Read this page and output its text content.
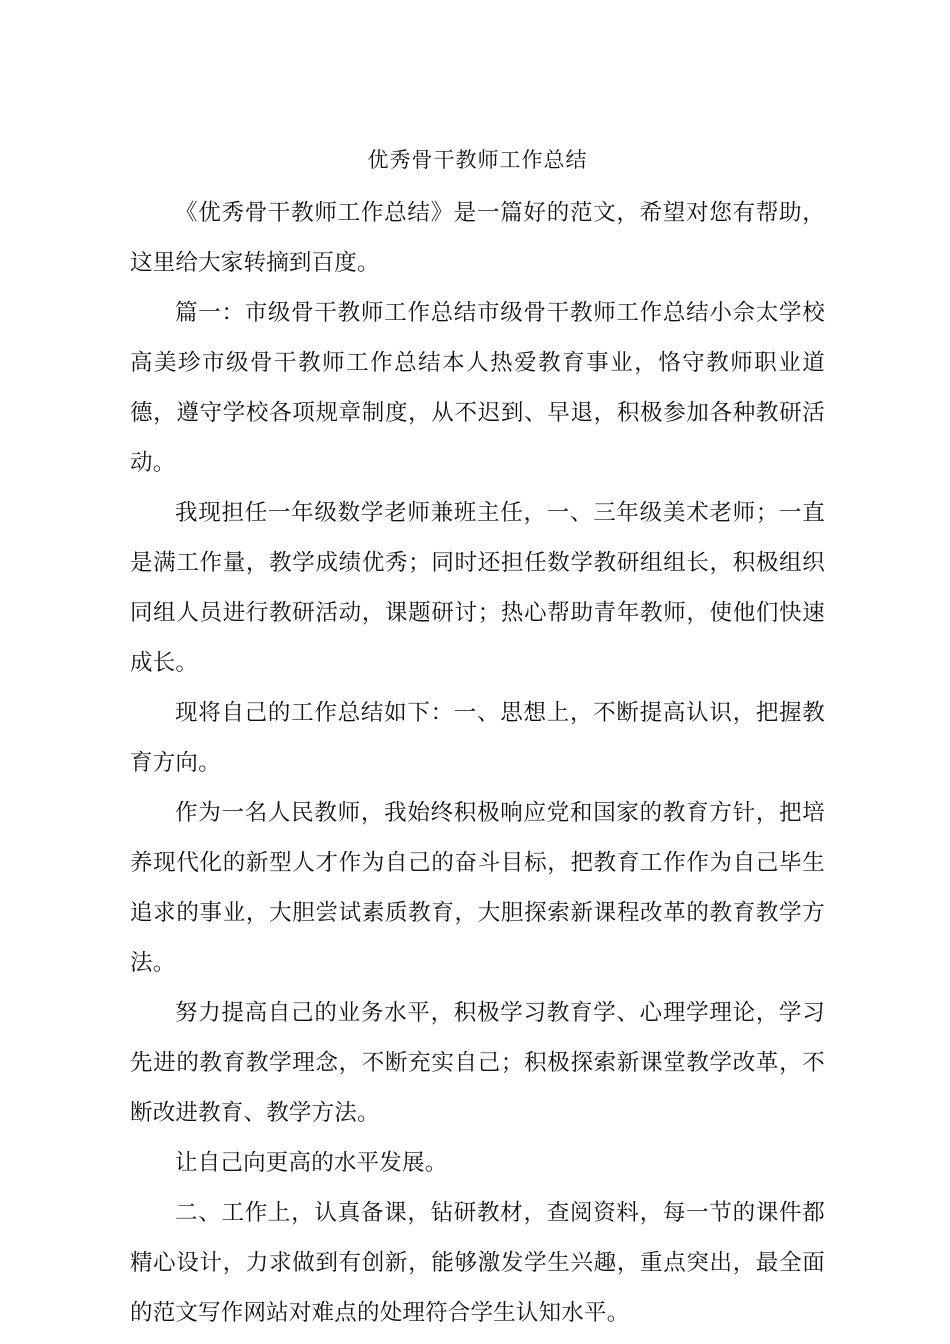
优秀骨干教师工作总结

《优秀骨干教师工作总结》是一篇好的范文，希望对您有帮助，这里给大家转摘到百度。

篇一：市级骨干教师工作总结市级骨干教师工作总结小佘太学校高美珍市级骨干教师工作总结本人热爱教育事业，恪守教师职业道德，遵守学校各项规章制度，从不迟到、早退，积极参加各种教研活动。

我现担任一年级数学老师兼班主任，一、三年级美术老师；一直是满工作量，教学成绩优秀；同时还担任数学教研组组长，积极组织同组人员进行教研活动，课题研讨；热心帮助青年教师，使他们快速成长。

现将自己的工作总结如下：一、思想上，不断提高认识，把握教育方向。

作为一名人民教师，我始终积极响应党和国家的教育方针，把培养现代化的新型人才作为自己的奋斗目标，把教育工作作为自己毕生追求的事业，大胆尝试素质教育，大胆探索新课程改革的教育教学方法。

努力提高自己的业务水平，积极学习教育学、心理学理论，学习先进的教育教学理念，不断充实自己；积极探索新课堂教学改革，不断改进教育、教学方法。

让自己向更高的水平发展。

二、工作上，认真备课，钻研教材，查阅资料，每一节的课件都精心设计，力求做到有创新，能够激发学生兴趣，重点突出，最全面的范文写作网站对难点的处理符合学生认知水平。
